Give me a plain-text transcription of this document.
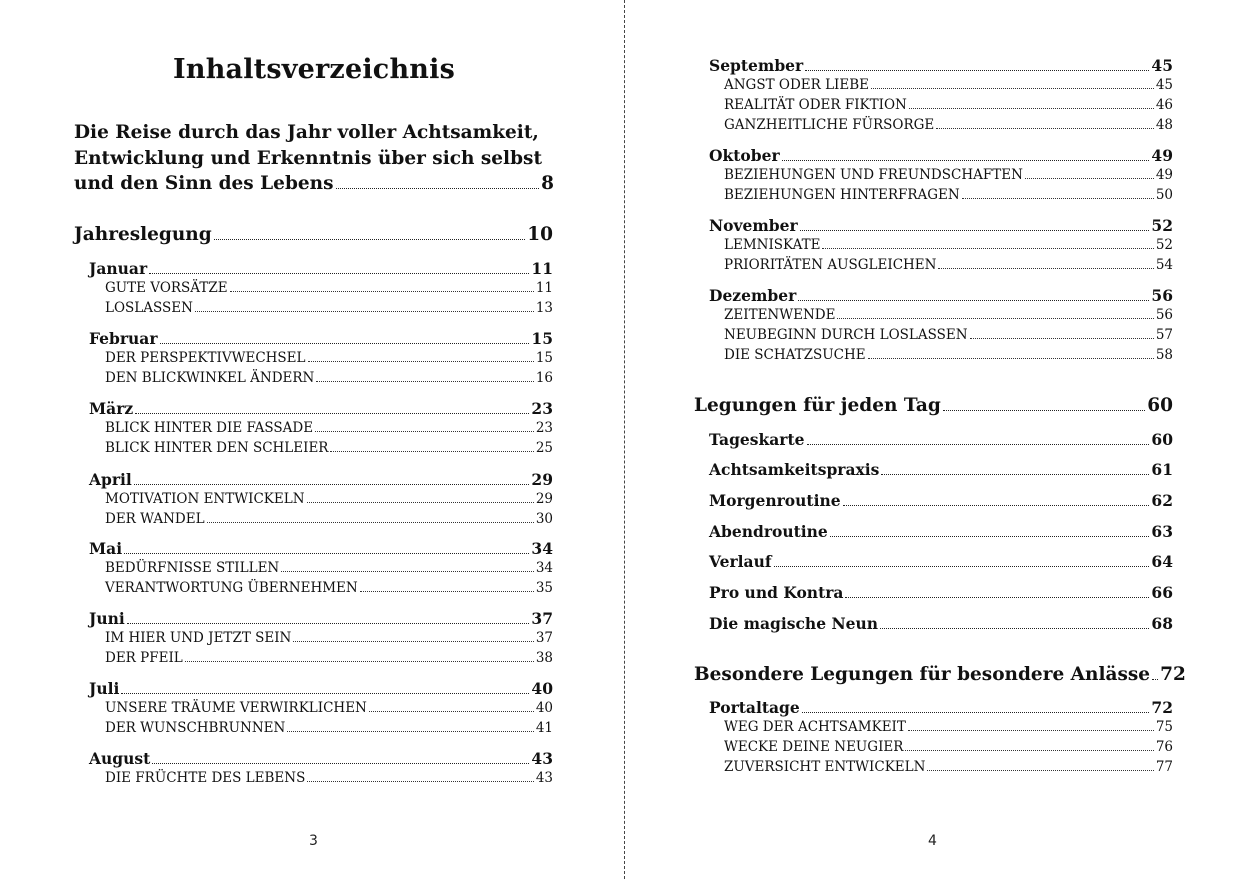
Inhaltsverzeichnis
Die Reise durch das Jahr voller Achtsamkeit,
Entwicklung und Erkenntnis über sich selbst
und den Sinn des Lebens	8
Jahreslegung	10
Januar	11
GUTE VORSÄTZE	11
LOSLASSEN	13
Februar	15
DER PERSPEKTIVWECHSEL	15
DEN BLICKWINKEL ÄNDERN	16
März	23
BLICK HINTER DIE FASSADE	23
BLICK HINTER DEN SCHLEIER	25
April	29
MOTIVATION ENTWICKELN	29
DER WANDEL	30
Mai	34
BEDÜRFNISSE STILLEN	34
VERANTWORTUNG ÜBERNEHMEN	35
Juni	37
IM HIER UND JETZT SEIN	37
DER PFEIL	38
Juli	40
UNSERE TRÄUME VERWIRKLICHEN	40
DER WUNSCHBRUNNEN	41
August	43
DIE FRÜCHTE DES LEBENS	43
3
September	45
ANGST ODER LIEBE	45
REALITÄT ODER FIKTION	46
GANZHEITLICHE FÜRSORGE	48
Oktober	49
BEZIEHUNGEN UND FREUNDSCHAFTEN	49
BEZIEHUNGEN HINTERFRAGEN	50
November	52
LEMNISKATE	52
PRIORITÄTEN AUSGLEICHEN	54
Dezember	56
ZEITENWENDE	56
NEUBEGINN DURCH LOSLASSEN	57
DIE SCHATZSUCHE	58
Legungen für jeden Tag	60
Tageskarte	60
Achtsamkeitspraxis	61
Morgenroutine	62
Abendroutine	63
Verlauf	64
Pro und Kontra	66
Die magische Neun	68
Besondere Legungen für besondere Anlässe 72
Portaltage	72
WEG DER ACHTSAMKEIT	75
WECKE DEINE NEUGIER	76
ZUVERSICHT ENTWICKELN	77
4
